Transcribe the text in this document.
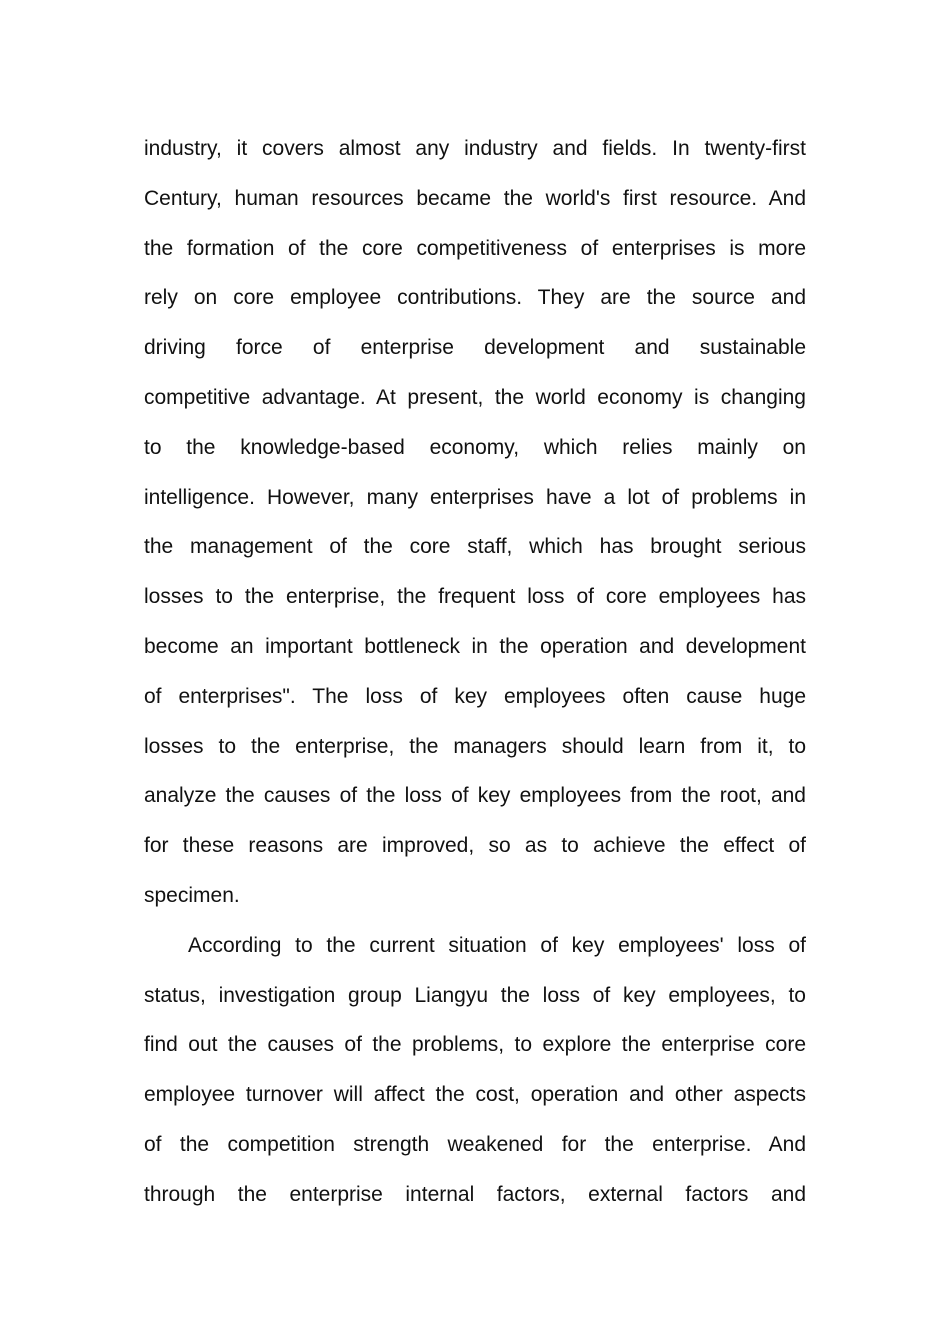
industry, it covers almost any industry and fields. In twenty-first
Century, human resources became the world's first resource. And
the formation of the core competitiveness of enterprises is more
rely on core employee contributions. They are the source and
driving force of enterprise development and sustainable
competitive advantage. At present, the world economy is changing
to the knowledge-based economy, which relies mainly on
intelligence. However, many enterprises have a lot of problems in
the management of the core staff, which has brought serious
losses to the enterprise, the frequent loss of core employees has
become an important bottleneck in the operation and development
of enterprises". The loss of key employees often cause huge
losses to the enterprise, the managers should learn from it, to
analyze the causes of the loss of key employees from the root, and
for these reasons are improved, so as to achieve the effect of
specimen.
According to the current situation of key employees' loss of
status, investigation group Liangyu the loss of key employees, to
find out the causes of the problems, to explore the enterprise core
employee turnover will affect the cost, operation and other aspects
of the competition strength weakened for the enterprise. And
through the enterprise internal factors, external factors and
